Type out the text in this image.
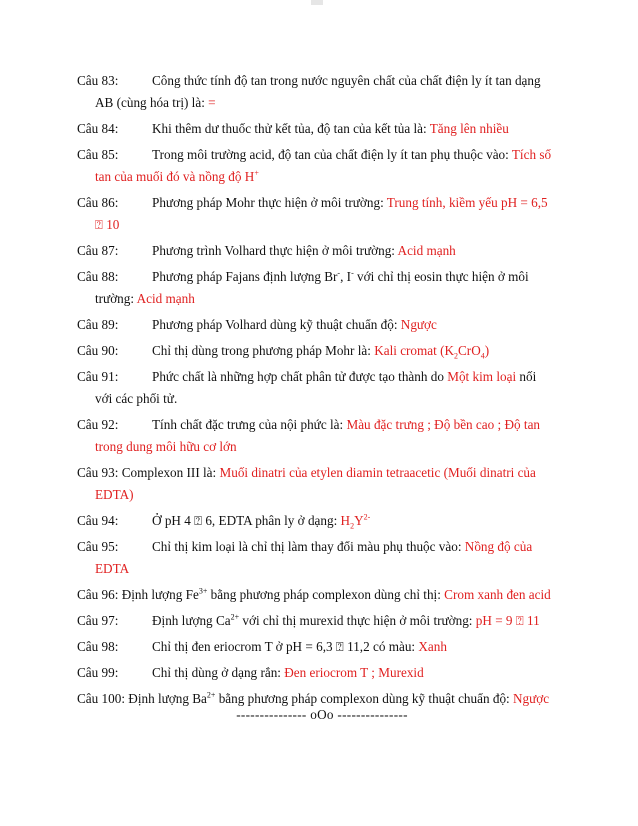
Câu 83:	Công thức tính độ tan trong nước nguyên chất của chất điện ly ít tan dạng
AB (cùng hóa trị) là: =
Câu 84:	Khi thêm dư thuốc thử kết tủa, độ tan của kết tủa là: Tăng lên nhiều
Câu 85:	Trong môi trường acid, độ tan của chất điện ly ít tan phụ thuộc vào: Tích số
tan của muối đó và nồng độ H+
Câu 86:	Phương pháp Mohr thực hiện ở môi trường: Trung tính, kiềm yếu pH = 6,5
⍰ 10
Câu 87:	Phương trình Volhard thực hiện ở môi trường: Acid mạnh
Câu 88:	Phương pháp Fajans định lượng Br-, I- với chỉ thị eosin thực hiện ở môi
trường: Acid mạnh
Câu 89:	Phương pháp Volhard dùng kỹ thuật chuẩn độ: Ngược
Câu 90:	Chỉ thị dùng trong phương pháp Mohr là: Kali cromat $(K_2CrO_4)$
Câu 91:	Phức chất là những hợp chất phân tử được tạo thành do Một kim loại nối
với các phối tử.
Câu 92:	Tính chất đặc trưng của nội phức là: Màu đặc trưng ; Độ bền cao ; Độ tan
trong dung môi hữu cơ lớn
Câu 93: Complexon III là: Muối dinatri của etylen diamin tetraacetic (Muối dinatri của
EDTA)
Câu 94:	Ở pH 4 ⍰ 6, EDTA phân ly ở dạng: $H_2Y^{2-}$
Câu 95:	Chỉ thị kim loại là chỉ thị làm thay đổi màu phụ thuộc vào: Nồng độ của
EDTA
Câu 96: Định lượng $Fe^{3+}$ bằng phương pháp complexon dùng chỉ thị: Crom xanh đen acid
Câu 97:	Định lượng $Ca^{2+}$ với chỉ thị murexid thực hiện ở môi trường: pH = 9 ⍰ 11
Câu 98:	Chỉ thị đen eriocrom T ở pH = 6,3 ⍰ 11,2 có màu: Xanh
Câu 99:	Chỉ thị dùng ở dạng rắn: Đen eriocrom T ; Murexid
Câu 100: Định lượng $Ba^{2+}$ bằng phương pháp complexon dùng kỹ thuật chuẩn độ: Ngược
--------------- oOo ---------------
